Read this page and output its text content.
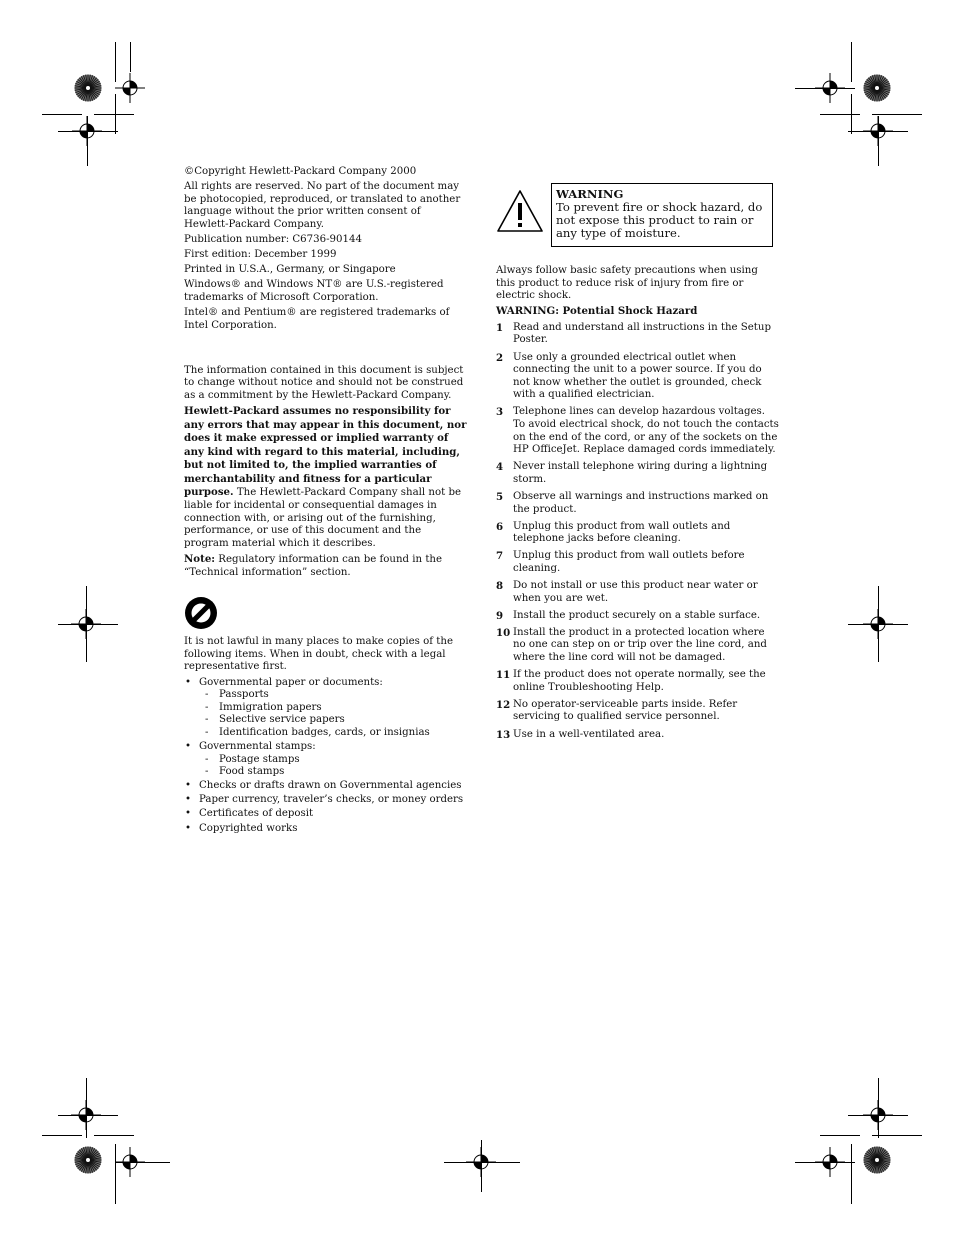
©Copyright Hewlett-Packard Company 2000

All rights are reserved. No part of the document may be photocopied, reproduced, or translated to another language without the prior written consent of Hewlett-Packard Company.

Publication number: C6736-90144

First edition: December 1999

Printed in U.S.A., Germany, or Singapore

Windows® and Windows NT® are U.S.-registered trademarks of Microsoft Corporation.

Intel® and Pentium® are registered trademarks of Intel Corporation.

The information contained in this document is subject to change without notice and should not be construed as a commitment by the Hewlett-Packard Company.

Hewlett-Packard assumes no responsibility for any errors that may appear in this document, nor does it make expressed or implied warranty of any kind with regard to this material, including, but not limited to, the implied warranties of merchantability and fitness for a particular purpose. The Hewlett-Packard Company shall not be liable for incidental or consequential damages in connection with, or arising out of the furnishing, performance, or use of this document and the program material which it describes.

Note: Regulatory information can be found in the “Technical information” section.

It is not lawful in many places to make copies of the following items. When in doubt, check with a legal representative first.

• Governmental paper or documents:
- Passports
- Immigration papers
- Selective service papers
- Identification badges, cards, or insignias
• Governmental stamps:
- Postage stamps
- Food stamps
• Checks or drafts drawn on Governmental agencies
• Paper currency, traveler’s checks, or money orders
• Certificates of deposit
• Copyrighted works
WARNING
To prevent fire or shock hazard, do not expose this product to rain or any type of moisture.

Always follow basic safety precautions when using this product to reduce risk of injury from fire or electric shock.

WARNING: Potential Shock Hazard

1 Read and understand all instructions in the Setup Poster.
2 Use only a grounded electrical outlet when connecting the unit to a power source. If you do not know whether the outlet is grounded, check with a qualified electrician.
3 Telephone lines can develop hazardous voltages. To avoid electrical shock, do not touch the contacts on the end of the cord, or any of the sockets on the HP OfficeJet. Replace damaged cords immediately.
4 Never install telephone wiring during a lightning storm.
5 Observe all warnings and instructions marked on the product.
6 Unplug this product from wall outlets and telephone jacks before cleaning.
7 Unplug this product from wall outlets before cleaning.
8 Do not install or use this product near water or when you are wet.
9 Install the product securely on a stable surface.
10 Install the product in a protected location where no one can step on or trip over the line cord, and where the line cord will not be damaged.
11 If the product does not operate normally, see the online Troubleshooting Help.
12 No operator-serviceable parts inside. Refer servicing to qualified service personnel.
13 Use in a well-ventilated area.
